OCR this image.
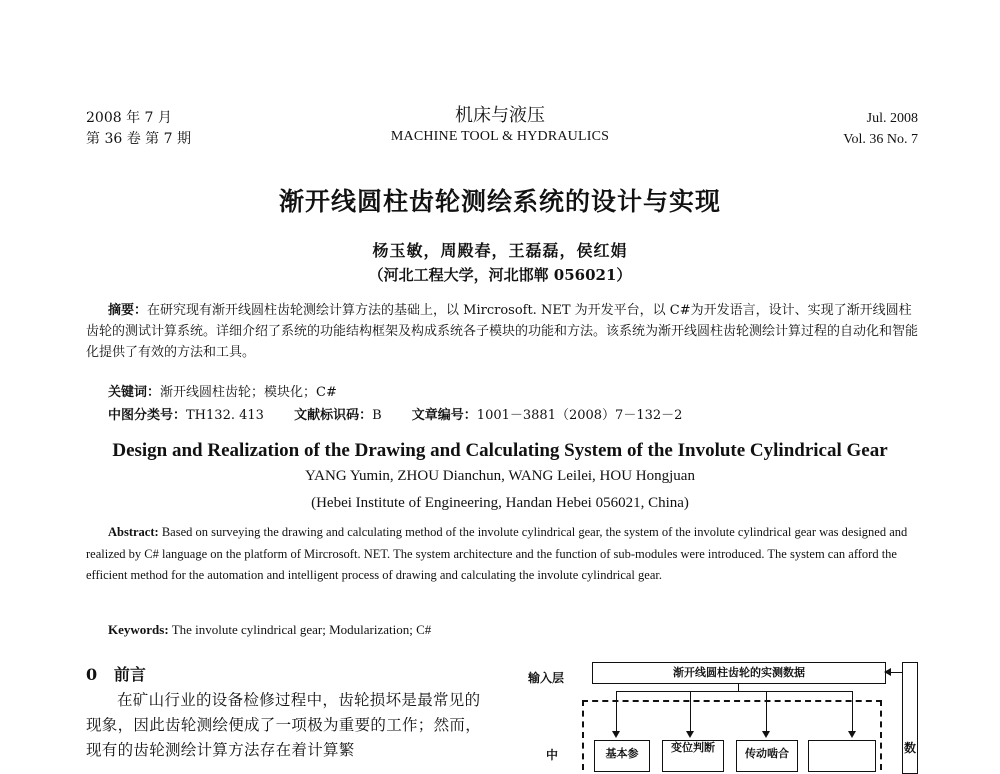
2008 年 7 月
第 36 卷 第 7 期
机床与液压
MACHINE TOOL & HYDRAULICS
Jul. 2008
Vol. 36 No. 7
渐开线圆柱齿轮测绘系统的设计与实现
杨玉敏，周殿春，王磊磊，侯红娟
（河北工程大学，河北邯郸 056021）
摘要：在研究现有渐开线圆柱齿轮测绘计算方法的基础上，以 Mircrosoft. NET 为开发平台，以 C#为开发语言，设计、实现了渐开线圆柱齿轮的测试计算系统。详细介绍了系统的功能结构框架及构成系统各子模块的功能和方法。该系统为渐开线圆柱齿轮测绘计算过程的自动化和智能化提供了有效的方法和工具。
关键词：渐开线圆柱齿轮；模块化；C#
中图分类号：TH132. 413 文献标识码：B 文章编号：1001－3881（2008）7－132－2
Design and Realization of the Drawing and Calculating System of the Involute Cylindrical Gear
YANG Yumin, ZHOU Dianchun, WANG Leilei, HOU Hongjuan
(Hebei Institute of Engineering, Handan Hebei 056021, China)
Abstract: Based on surveying the drawing and calculating method of the involute cylindrical gear, the system of the involute cylindrical gear was designed and realized by C# language on the platform of Mircrosoft. NET. The system architecture and the function of sub-modules were introduced. The system can afford the efficient method for the automation and intelligent process of drawing and calculating the involute cylindrical gear.
Keywords: The involute cylindrical gear; Modularization; C#
0 前言
在矿山行业的设备检修过程中，齿轮损坏是最常见的现象，因此齿轮测绘便成了一项极为重要的工作；然而，现有的齿轮测绘计算方法存在着计算繁
输入层	渐开线圆柱齿轮的实测数据
数
中	基本参	变位判断	传动啮合
